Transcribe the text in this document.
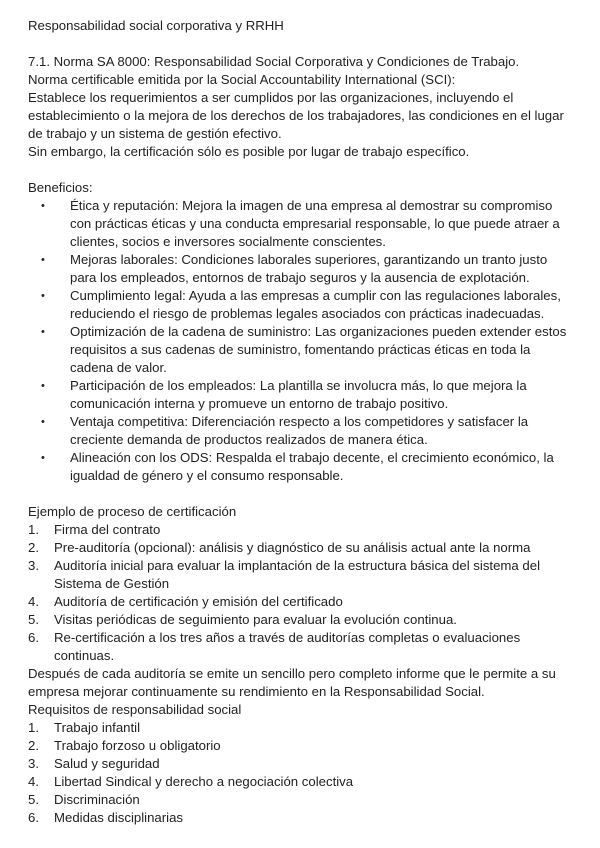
Responsabilidad social corporativa y RRHH

7.1. Norma SA 8000: Responsabilidad Social Corporativa y Condiciones de Trabajo.

Norma certificable emitida por la Social Accountability International (SCI):

Establece los requerimientos a ser cumplidos por las organizaciones, incluyendo el establecimiento o la mejora de los derechos de los trabajadores, las condiciones en el lugar de trabajo y un sistema de gestión efectivo.

Sin embargo, la certificación sólo es posible por lugar de trabajo específico.

Beneficios:

• Ética y reputación: Mejora la imagen de una empresa al demostrar su compromiso con prácticas éticas y una conducta empresarial responsable, lo que puede atraer a clientes, socios e inversores socialmente conscientes.
• Mejoras laborales: Condiciones laborales superiores, garantizando un tranto justo para los empleados, entornos de trabajo seguros y la ausencia de explotación.
• Cumplimiento legal: Ayuda a las empresas a cumplir con las regulaciones laborales, reduciendo el riesgo de problemas legales asociados con prácticas inadecuadas.
• Optimización de la cadena de suministro: Las organizaciones pueden extender estos requisitos a sus cadenas de suministro, fomentando prácticas éticas en toda la cadena de valor.
• Participación de los empleados: La plantilla se involucra más, lo que mejora la comunicación interna y promueve un entorno de trabajo positivo.
• Ventaja competitiva: Diferenciación respecto a los competidores y satisfacer la creciente demanda de productos realizados de manera ética.
• Alineación con los ODS: Respalda el trabajo decente, el crecimiento económico, la igualdad de género y el consumo responsable.

Ejemplo de proceso de certificación

1. Firma del contrato
2. Pre-auditoría (opcional): análisis y diagnóstico de su análisis actual ante la norma
3. Auditoría inicial para evaluar la implantación de la estructura básica del sistema del Sistema de Gestión
4. Auditoría de certificación y emisión del certificado
5. Visitas periódicas de seguimiento para evaluar la evolución continua.
6. Re-certificación a los tres años a través de auditorías completas o evaluaciones continuas.

Después de cada auditoría se emite un sencillo pero completo informe que le permite a su empresa mejorar continuamente su rendimiento en la Responsabilidad Social.

Requisitos de responsabilidad social

1. Trabajo infantil
2. Trabajo forzoso u obligatorio
3. Salud y seguridad
4. Libertad Sindical y derecho a negociación colectiva
5. Discriminación
6. Medidas disciplinarias
